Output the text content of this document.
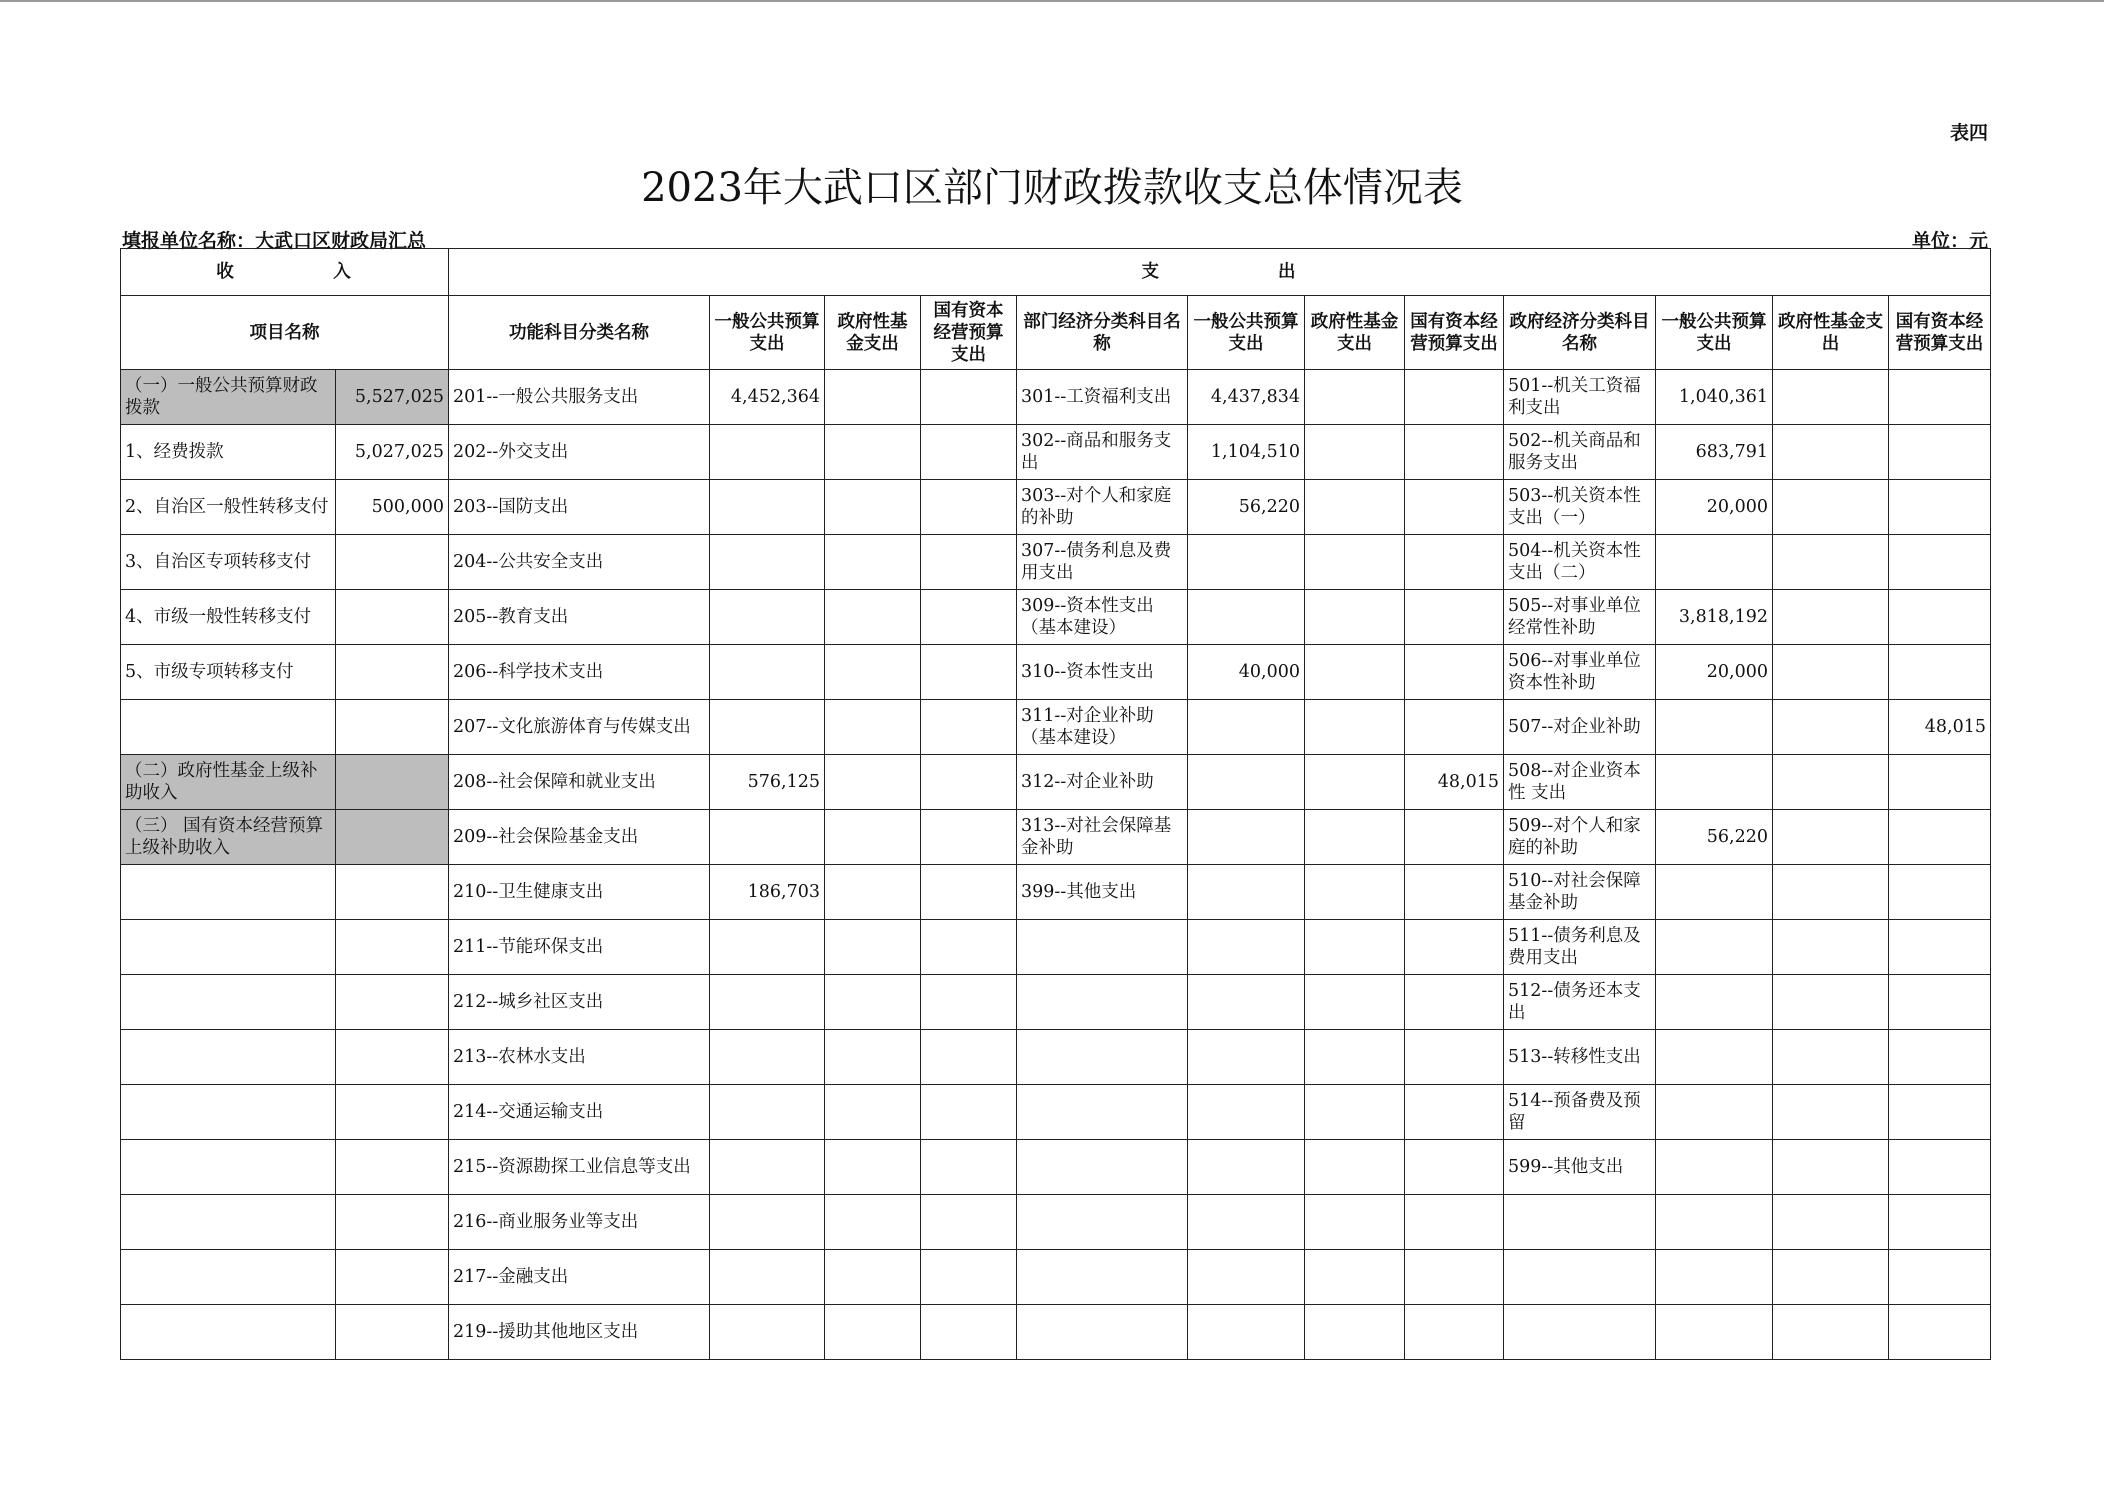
表四
2023年大武口区部门财政拨款收支总体情况表
填报单位名称：大武口区财政局汇总	单位：元
收　　　　　入		支　　　　　　出											
项目名称		功能科目分类名称	一般公共预算支出	政府性基金支出	国有资本经营预算支出	部门经济分类科目名称	一般公共预算支出	政府性基金支出	国有资本经营预算支出	政府经济分类科目名称	一般公共预算支出	政府性基金支出	国有资本经营预算支出
（一）一般公共预算财政拨款	5,527,025	201--一般公共服务支出	4,452,364			301--工资福利支出	4,437,834			501--机关工资福利支出	1,040,361		
1、经费拨款	5,027,025	202--外交支出				302--商品和服务支出	1,104,510			502--机关商品和服务支出	683,791		
2、自治区一般性转移支付	500,000	203--国防支出				303--对个人和家庭的补助	56,220			503--机关资本性支出（一）	20,000		
3、自治区专项转移支付		204--公共安全支出				307--债务利息及费用支出				504--机关资本性支出（二）			
4、市级一般性转移支付		205--教育支出				309--资本性支出（基本建设）				505--对事业单位经常性补助	3,818,192		
5、市级专项转移支付		206--科学技术支出				310--资本性支出	40,000			506--对事业单位资本性补助	20,000		
		207--文化旅游体育与传媒支出				311--对企业补助（基本建设）				507--对企业补助			48,015
（二）政府性基金上级补助收入		208--社会保障和就业支出	576,125			312--对企业补助			48,015	508--对企业资本性 支出			
（三） 国有资本经营预算上级补助收入		209--社会保险基金支出				313--对社会保障基金补助				509--对个人和家庭的补助	56,220		
		210--卫生健康支出	186,703			399--其他支出				510--对社会保障基金补助			
		211--节能环保支出								511--债务利息及费用支出			
		212--城乡社区支出								512--债务还本支出			
		213--农林水支出								513--转移性支出			
		214--交通运输支出								514--预备费及预留			
		215--资源勘探工业信息等支出								599--其他支出			
		216--商业服务业等支出											
		217--金融支出											
		219--援助其他地区支出											
